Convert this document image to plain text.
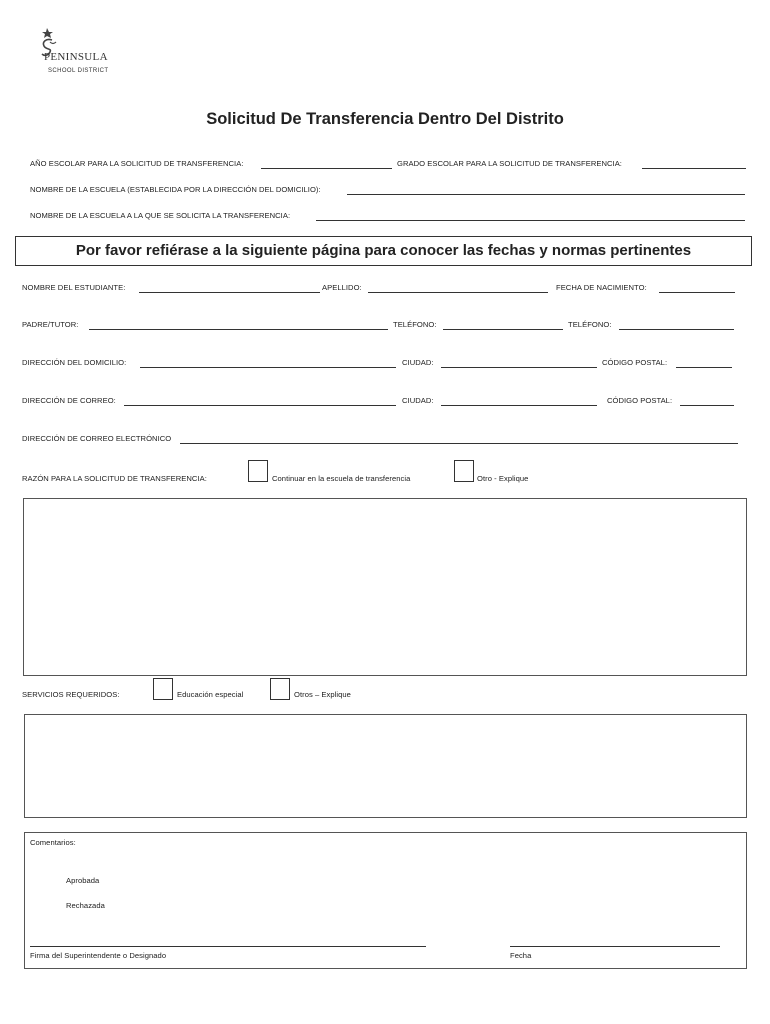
PENINSULA
SCHOOL DISTRICT
Solicitud De Transferencia Dentro Del Distrito
AÑO ESCOLAR PARA LA SOLICITUD DE TRANSFERENCIA:	GRADO ESCOLAR PARA LA SOLICITUD DE TRANSFERENCIA:
NOMBRE DE LA ESCUELA (ESTABLECIDA POR LA DIRECCIÓN DEL DOMICILIO):
NOMBRE DE LA ESCUELA A LA QUE SE SOLICITA LA TRANSFERENCIA:
Por favor refiérase a la siguiente página para conocer las fechas y normas pertinentes
NOMBRE DEL ESTUDIANTE:	APELLIDO:	FECHA DE NACIMIENTO:
PADRE/TUTOR:	TELÉFONO:	TELÉFONO:
DIRECCIÓN DEL DOMICILIO:	CIUDAD:	CÓDIGO POSTAL:
DIRECCIÓN DE CORREO:	CIUDAD:	CÓDIGO POSTAL:
DIRECCIÓN DE CORREO ELECTRÓNICO
RAZÓN PARA LA SOLICITUD DE TRANSFERENCIA:	Continuar en la escuela de transferencia	Otro - Explique
SERVICIOS REQUERIDOS:	Educación especial	Otros – Explique
Comentarios:
Aprobada
Rechazada
Firma del Superintendente o Designado	Fecha
